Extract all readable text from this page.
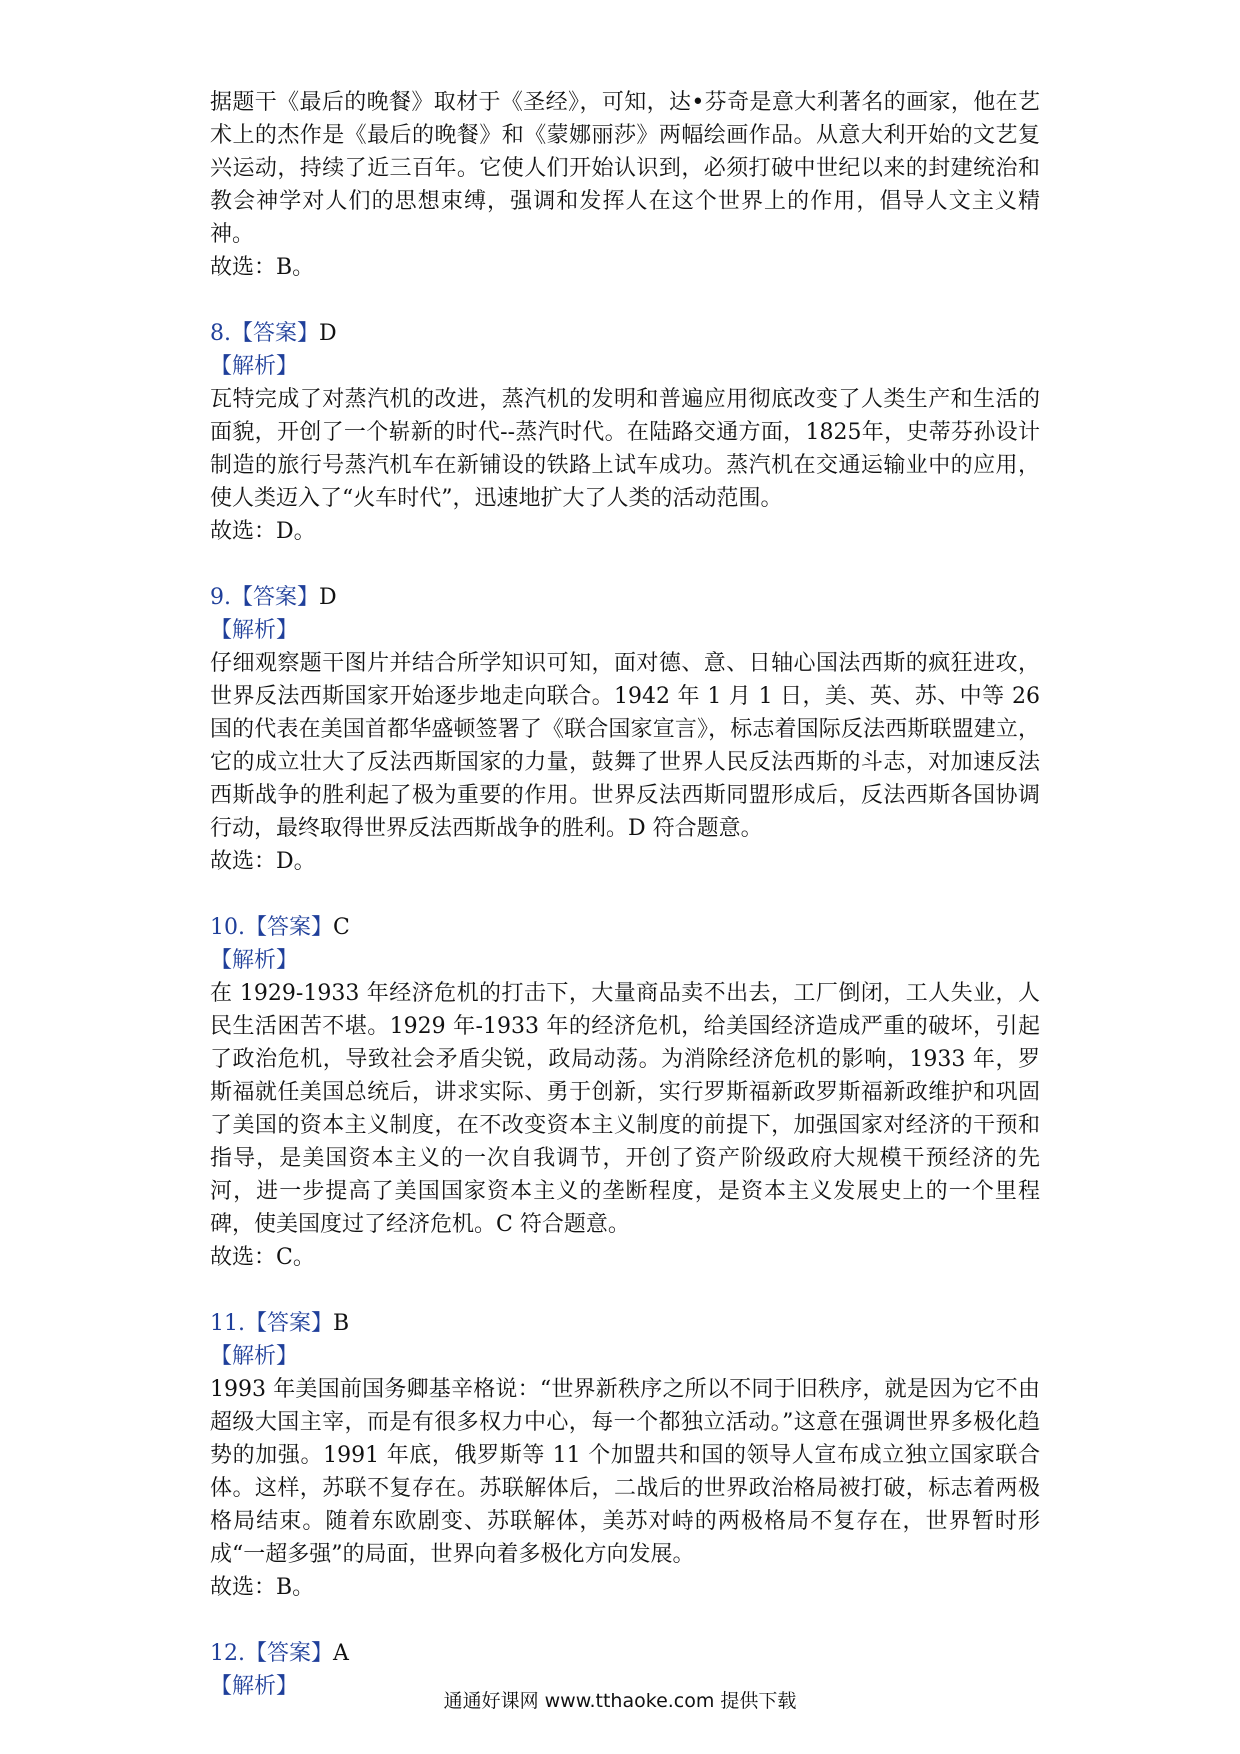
据题干《最后的晚餐》取材于《圣经》，可知，达•芬奇是意大利著名的画家，他在艺术上的杰作是《最后的晚餐》和《蒙娜丽莎》两幅绘画作品。从意大利开始的文艺复兴运动，持续了近三百年。它使人们开始认识到，必须打破中世纪以来的封建统治和教会神学对人们的思想束缚，强调和发挥人在这个世界上的作用，倡导人文主义精神。

故选：B。

8.【答案】D

【解析】

瓦特完成了对蒸汽机的改进，蒸汽机的发明和普遍应用彻底改变了人类生产和生活的面貌，开创了一个崭新的时代--蒸汽时代。在陆路交通方面，1825年，史蒂芬孙设计制造的旅行号蒸汽机车在新铺设的铁路上试车成功。蒸汽机在交通运输业中的应用，使人类迈入了“火车时代”，迅速地扩大了人类的活动范围。

故选：D。

9.【答案】D

【解析】

仔细观察题干图片并结合所学知识可知，面对德、意、日轴心国法西斯的疯狂进攻，世界反法西斯国家开始逐步地走向联合。1942 年 1 月 1 日，美、英、苏、中等 26 国的代表在美国首都华盛顿签署了《联合国家宣言》，标志着国际反法西斯联盟建立，它的成立壮大了反法西斯国家的力量，鼓舞了世界人民反法西斯的斗志，对加速反法西斯战争的胜利起了极为重要的作用。世界反法西斯同盟形成后，反法西斯各国协调行动，最终取得世界反法西斯战争的胜利。D 符合题意。

故选：D。

10.【答案】C

【解析】

在 1929-1933 年经济危机的打击下，大量商品卖不出去，工厂倒闭，工人失业，人民生活困苦不堪。1929 年-1933 年的经济危机，给美国经济造成严重的破坏，引起了政治危机，导致社会矛盾尖锐，政局动荡。为消除经济危机的影响，1933 年，罗斯福就任美国总统后，讲求实际、勇于创新，实行罗斯福新政罗斯福新政维护和巩固了美国的资本主义制度，在不改变资本主义制度的前提下，加强国家对经济的干预和指导，是美国资本主义的一次自我调节，开创了资产阶级政府大规模干预经济的先河，进一步提高了美国国家资本主义的垄断程度，是资本主义发展史上的一个里程碑，使美国度过了经济危机。C 符合题意。

故选：C。

11.【答案】B

【解析】

1993 年美国前国务卿基辛格说：“世界新秩序之所以不同于旧秩序，就是因为它不由超级大国主宰，而是有很多权力中心，每一个都独立活动。”这意在强调世界多极化趋势的加强。1991 年底，俄罗斯等 11 个加盟共和国的领导人宣布成立独立国家联合体。这样，苏联不复存在。苏联解体后，二战后的世界政治格局被打破，标志着两极格局结束。随着东欧剧变、苏联解体，美苏对峙的两极格局不复存在，世界暂时形成“一超多强”的局面，世界向着多极化方向发展。

故选：B。

12.【答案】A

【解析】

通通好课网 www.tthaoke.com 提供下载
